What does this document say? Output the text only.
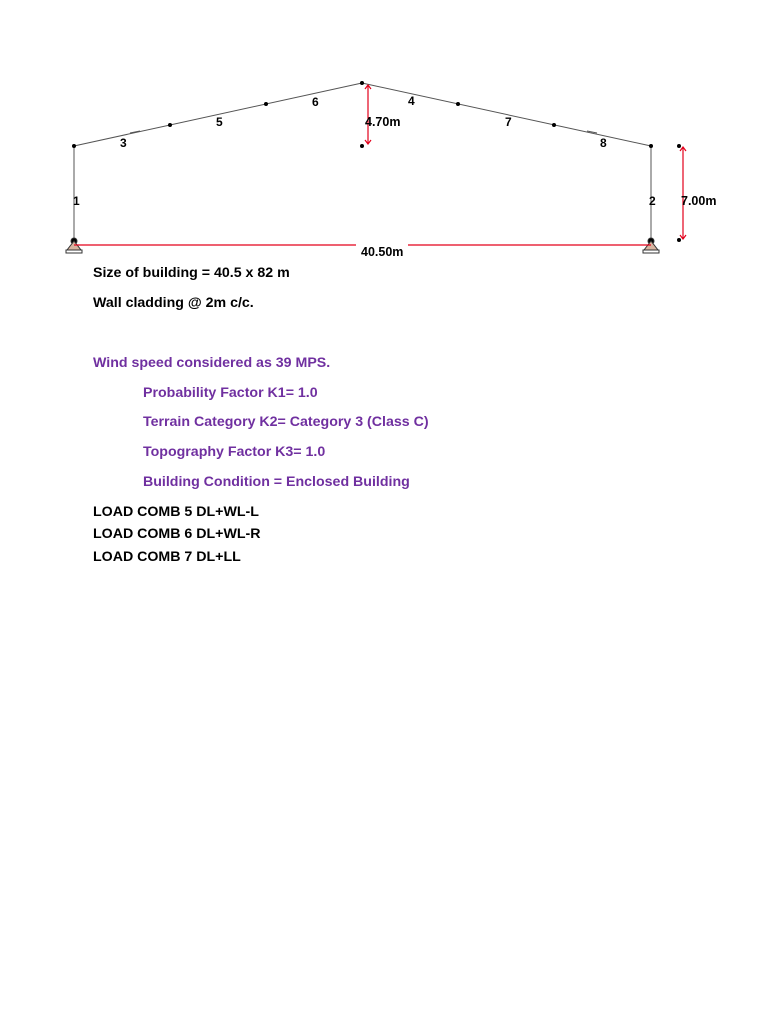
40.50m
7.00m
4.70m
1	2
3
4
5
6
7
8
Size of building = 40.5 x 82 m
Wall cladding @ 2m c/c.
Wind speed considered as 39 MPS.
Probability Factor K1= 1.0
Terrain Category K2= Category 3 (Class C)
Topography Factor K3= 1.0
Building Condition = Enclosed Building
LOAD COMB 5 DL+WL-L
LOAD COMB 6 DL+WL-R
LOAD COMB 7 DL+LL
